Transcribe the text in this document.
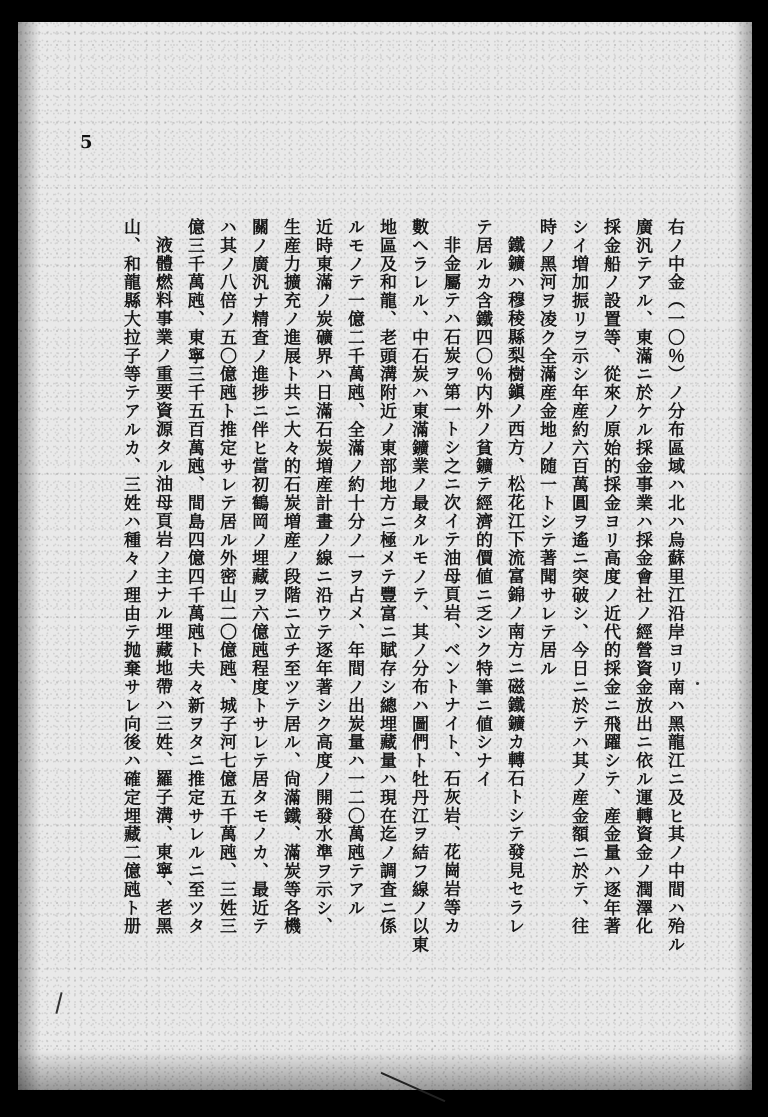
5
右ノ中金（一〇％）ノ分布區域ハ北ハ烏蘇里江沿岸ヨリ南ハ黑龍江ニ及ヒ其ノ中間ハ殆ル
廣汎テアル、東滿ニ於ケル採金事業ハ採金會社ノ經營資金放出ニ依ル運轉資金ノ潤澤化
採金船ノ設置等、從來ノ原始的採金ヨリ高度ノ近代的採金ニ飛躍シテ、産金量ハ逐年著
シイ増加振リヲ示シ年産約六百萬圓ヲ遙ニ突破シ、今日ニ於テハ其ノ産金額ニ於テ、往
時ノ黑河ヲ凌ク全滿産金地ノ随一トシテ著聞サレテ居ル
鐵鑛ハ穆稜縣梨樹鎭ノ西方、松花江下流富錦ノ南方ニ磁鐵鑛カ轉石トシテ發見セラレ
テ居ルカ含鐵四〇％内外ノ貧鑛テ經濟的價値ニ乏シク特筆ニ値シナイ
非金屬テハ石炭ヲ第一トシ之ニ次イテ油母頁岩、ベントナイト、石灰岩、花崗岩等カ
數ヘラレル、中石炭ハ東滿鑛業ノ最タルモノテ、其ノ分布ハ圖們ト牡丹江ヲ結フ線ノ以東
地區及和龍、老頭溝附近ノ東部地方ニ極メテ豐富ニ賦存シ總埋藏量ハ現在迄ノ調査ニ係
ルモノテ一億二千萬瓲、全滿ノ約十分ノ一ヲ占メ、年間ノ出炭量ハ一二〇萬瓲テアル
近時東滿ノ炭礦界ハ日滿石炭増産計畫ノ線ニ沿ウテ逐年著シク高度ノ開發水準ヲ示シ、
生産力擴充ノ進展ト共ニ大々的石炭増産ノ段階ニ立チ至ツテ居ル、尙滿鐵、滿炭等各機
關ノ廣汎ナ精査ノ進捗ニ伴ヒ當初鶴岡ノ埋藏ヲ六億瓲程度トサレテ居タモノカ、最近テ
ハ其ノ八倍ノ五〇億瓲ト推定サレテ居ル外密山二〇億瓲、城子河七億五千萬瓲、三姓三
億三千萬瓲、東寧三千五百萬瓲、間島四億四千萬瓲ト夫々新ヲタニ推定サレルニ至ツタ
液體燃料事業ノ重要資源タル油母頁岩ノ主ナル埋藏地帶ハ三姓、羅子溝、東寧、老黑
山、和龍縣大拉子等テアルカ、三姓ハ種々ノ理由テ抛棄サレ向後ハ確定埋藏二億瓲ト册
